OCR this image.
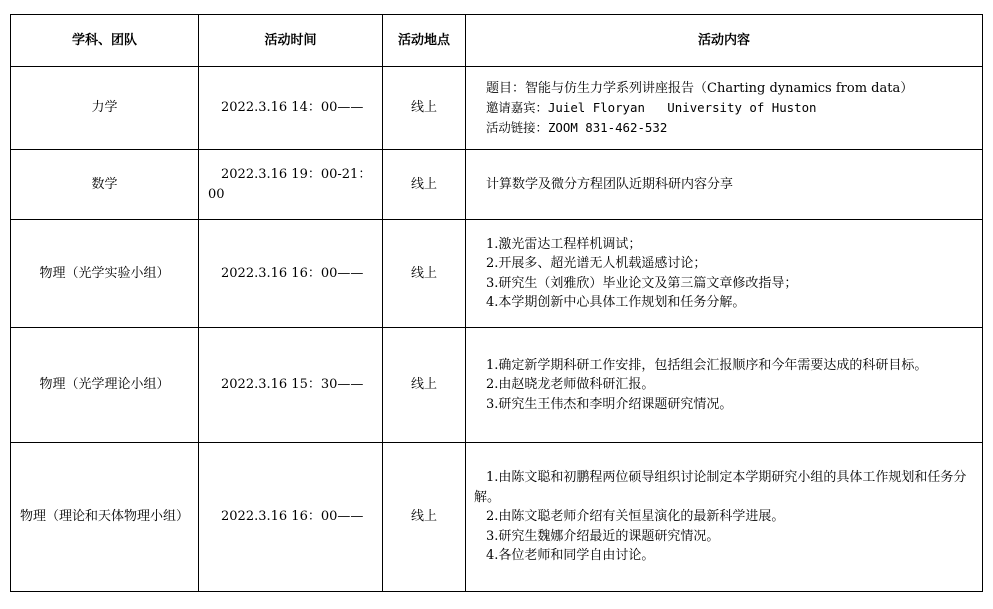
学科、团队	活动时间	活动地点	活动内容
力学	2022.3.16 14：00——	线上	题目：智能与仿生力学系列讲座报告（Charting dynamics from data）
邀请嘉宾：Juiel Floryan   University of Huston
活动链接：ZOOM 831-462-532

数学	2022.3.16 19：00-21：00	线上	计算数学及微分方程团队近期科研内容分享

物理（光学实验小组）	2022.3.16 16：00——	线上	1.激光雷达工程样机调试；
2.开展多、超光谱无人机载遥感讨论；
3.研究生（刘雅欣）毕业论文及第三篇文章修改指导；
4.本学期创新中心具体工作规划和任务分解。

物理（光学理论小组）	2022.3.16 15：30——	线上	1.确定新学期科研工作安排，包括组会汇报顺序和今年需要达成的科研目标。
2.由赵晓龙老师做科研汇报。
3.研究生王伟杰和李明介绍课题研究情况。

物理（理论和天体物理小组）	2022.3.16 16：00——	线上	1.由陈文聪和初鹏程两位硕导组织讨论制定本学期研究小组的具体工作规划和任务分解。
2.由陈文聪老师介绍有关恒星演化的最新科学进展。
3.研究生魏娜介绍最近的课题研究情况。
4.各位老师和同学自由讨论。
